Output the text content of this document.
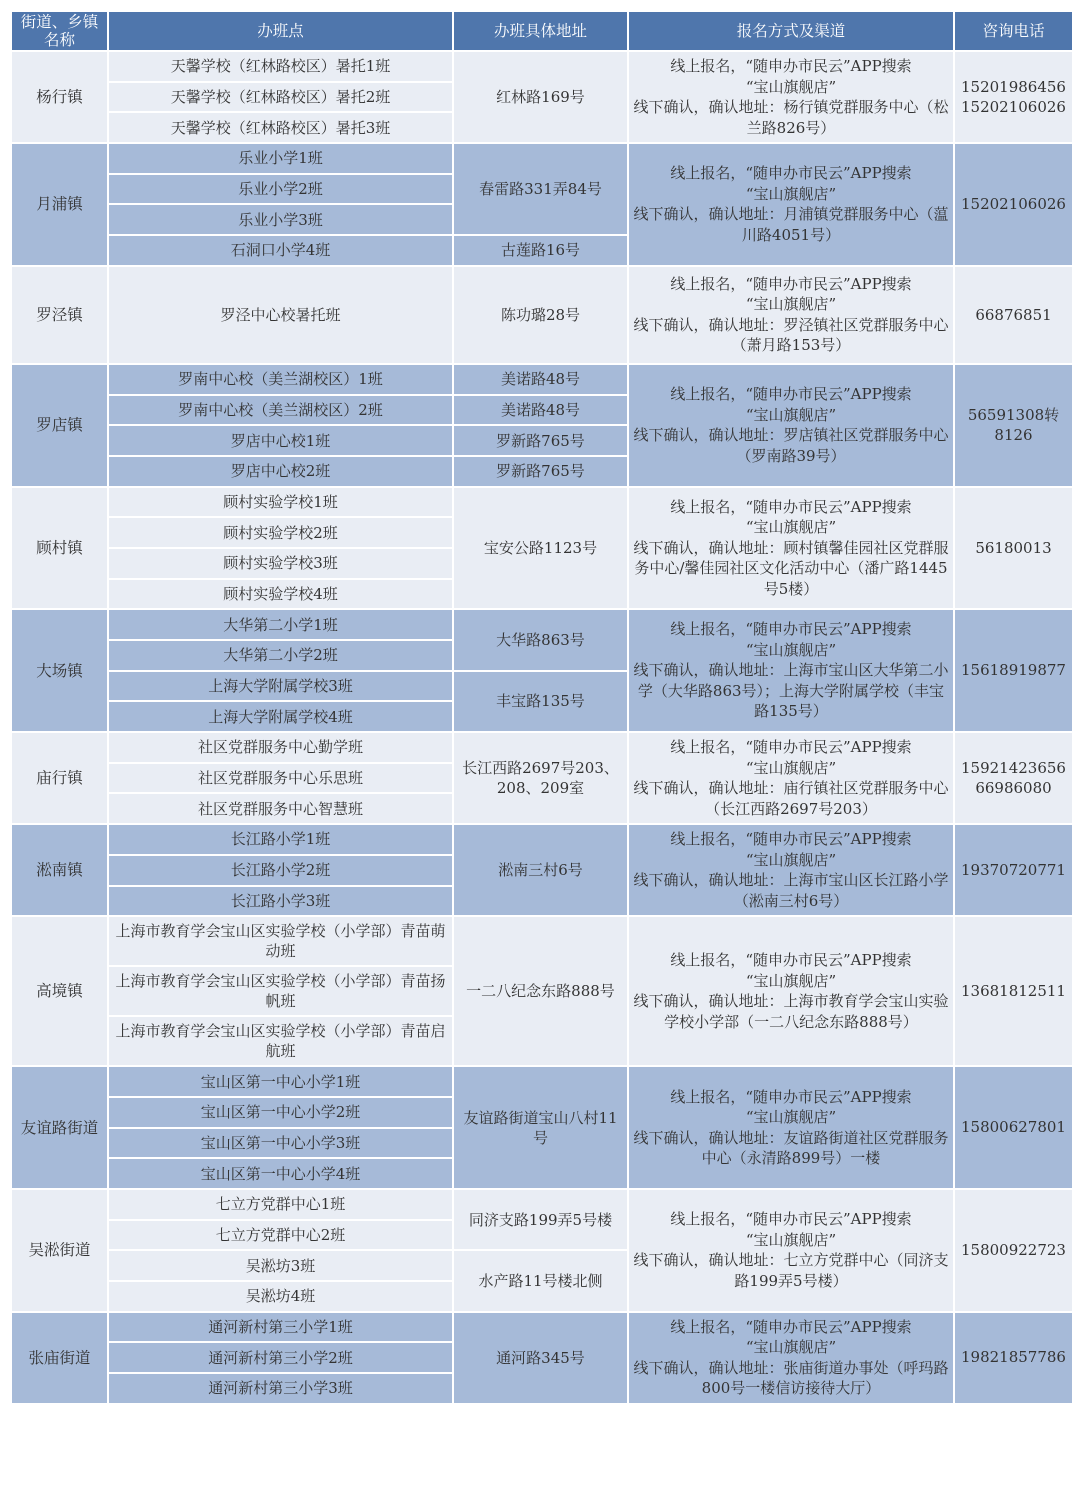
街道、乡镇名称	办班点	办班具体地址	报名方式及渠道	咨询电话
杨行镇	天馨学校（红林路校区）暑托1班	红林路169号	线上报名，“随申办市民云”APP搜索
“宝山旗舰店”
线下确认，确认地址：杨行镇党群服务中心（松兰路826号）	15201986456
15202106026
	天馨学校（红林路校区）暑托2班			
	天馨学校（红林路校区）暑托3班			
月浦镇	乐业小学1班	春雷路331弄84号	线上报名，“随申办市民云”APP搜索
“宝山旗舰店”
线下确认，确认地址：月浦镇党群服务中心（蕰川路4051号）	15202106026
	乐业小学2班			
	乐业小学3班			
	石洞口小学4班	古莲路16号		
罗泾镇	罗泾中心校暑托班	陈功璐28号	线上报名，“随申办市民云”APP搜索
“宝山旗舰店”
线下确认，确认地址：罗泾镇社区党群服务中心（萧月路153号）	66876851
罗店镇	罗南中心校（美兰湖校区）1班	美诺路48号	线上报名，“随申办市民云”APP搜索
“宝山旗舰店”
线下确认，确认地址：罗店镇社区党群服务中心（罗南路39号）	56591308转8126
	罗南中心校（美兰湖校区）2班	美诺路48号		
	罗店中心校1班	罗新路765号		
	罗店中心校2班	罗新路765号		
顾村镇	顾村实验学校1班	宝安公路1123号	线上报名，“随申办市民云”APP搜索
“宝山旗舰店”
线下确认，确认地址：顾村镇馨佳园社区党群服务中心/馨佳园社区文化活动中心（潘广路1445号5楼）	56180013
	顾村实验学校2班			
	顾村实验学校3班			
	顾村实验学校4班			
大场镇	大华第二小学1班	大华路863号	线上报名，“随申办市民云”APP搜索
“宝山旗舰店”
线下确认，确认地址：上海市宝山区大华第二小学（大华路863号）；上海大学附属学校（丰宝路135号）	15618919877
	大华第二小学2班			
	上海大学附属学校3班	丰宝路135号		
	上海大学附属学校4班			
庙行镇	社区党群服务中心勤学班	长江西路2697号203、208、209室	线上报名，“随申办市民云”APP搜索
“宝山旗舰店”
线下确认，确认地址：庙行镇社区党群服务中心（长江西路2697号203）	15921423656
66986080
	社区党群服务中心乐思班			
	社区党群服务中心智慧班			
淞南镇	长江路小学1班	淞南三村6号	线上报名，“随申办市民云”APP搜索
“宝山旗舰店”
线下确认，确认地址：上海市宝山区长江路小学（淞南三村6号）	19370720771
	长江路小学2班			
	长江路小学3班			
高境镇	上海市教育学会宝山区实验学校（小学部）青苗萌动班	一二八纪念东路888号	线上报名，“随申办市民云”APP搜索
“宝山旗舰店”
线下确认，确认地址：上海市教育学会宝山实验学校小学部（一二八纪念东路888号）	13681812511
	上海市教育学会宝山区实验学校（小学部）青苗扬帆班			
	上海市教育学会宝山区实验学校（小学部）青苗启航班			
友谊路街道	宝山区第一中心小学1班	友谊路街道宝山八村11号	线上报名，“随申办市民云”APP搜索
“宝山旗舰店”
线下确认，确认地址：友谊路街道社区党群服务中心（永清路899号）一楼	15800627801
	宝山区第一中心小学2班			
	宝山区第一中心小学3班			
	宝山区第一中心小学4班			
吴淞街道	七立方党群中心1班	同济支路199弄5号楼	线上报名，“随申办市民云”APP搜索
“宝山旗舰店”
线下确认，确认地址：七立方党群中心（同济支路199弄5号楼）	15800922723
	七立方党群中心2班			
	吴淞坊3班	水产路11号楼北侧		
	吴淞坊4班			
张庙街道	通河新村第三小学1班	通河路345号	线上报名，“随申办市民云”APP搜索
“宝山旗舰店”
线下确认，确认地址：张庙街道办事处（呼玛路800号一楼信访接待大厅）	19821857786
	通河新村第三小学2班			
	通河新村第三小学3班			
